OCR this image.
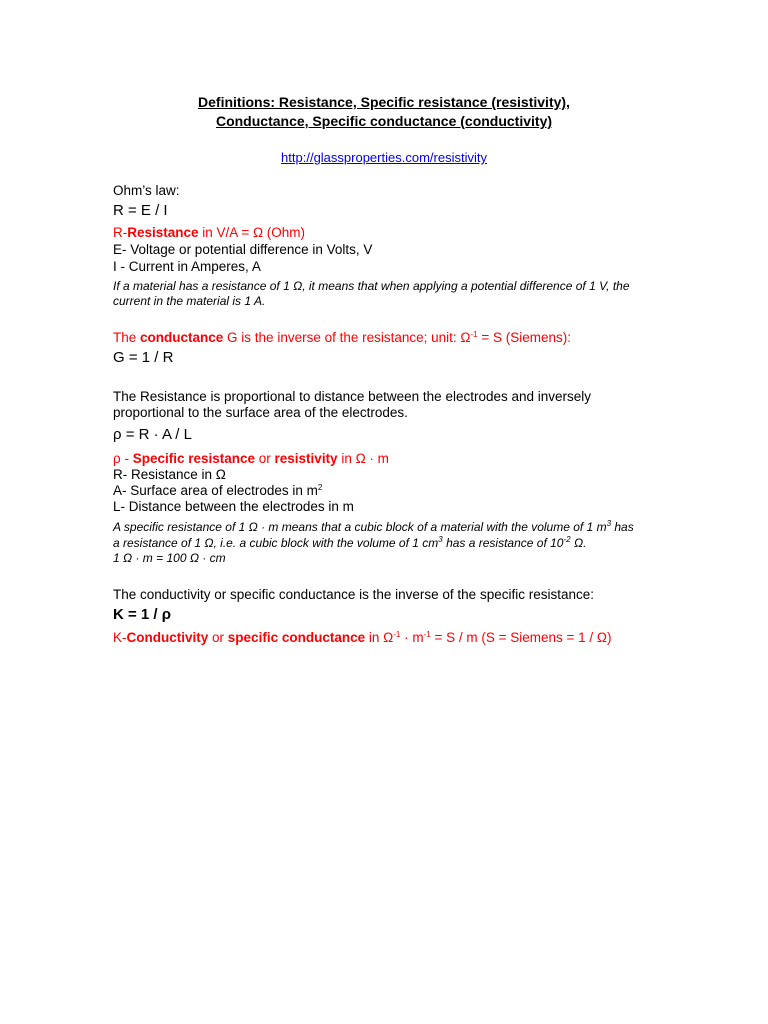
Definitions: Resistance, Specific resistance (resistivity),
Conductance, Specific conductance (conductivity)
http://glassproperties.com/resistivity
Ohm’s law:
R = E / I
R-Resistance in V/A = Ω (Ohm)
E- Voltage or potential difference in Volts, V
I - Current in Amperes, A
If a material has a resistance of 1 Ω, it means that when applying a potential difference of 1 V, the
current in the material is 1 A.
The conductance G is the inverse of the resistance; unit: $\Omega^{-1} = S$ (Siemens):
G = 1 / R
The Resistance is proportional to distance between the electrodes and inversely
proportional to the surface area of the electrodes.
ρ = R · A / L
ρ - Specific resistance or resistivity in Ω · m
R- Resistance in Ω
A- Surface area of electrodes in $m^2$
L- Distance between the electrodes in m
A specific resistance of 1 Ω · m means that a cubic block of a material with the volume of 1 $m^3$ has
a resistance of 1 Ω, i.e. a cubic block with the volume of 1 $cm^3$ has a resistance of $10^{-2}$ Ω.
1 Ω · m = 100 Ω · cm
The conductivity or specific conductance is the inverse of the specific resistance:
K = 1 / ρ
K-Conductivity or specific conductance in $\Omega^{-1} \cdot m^{-1} = S / m$ (S = Siemens = 1 / Ω)
